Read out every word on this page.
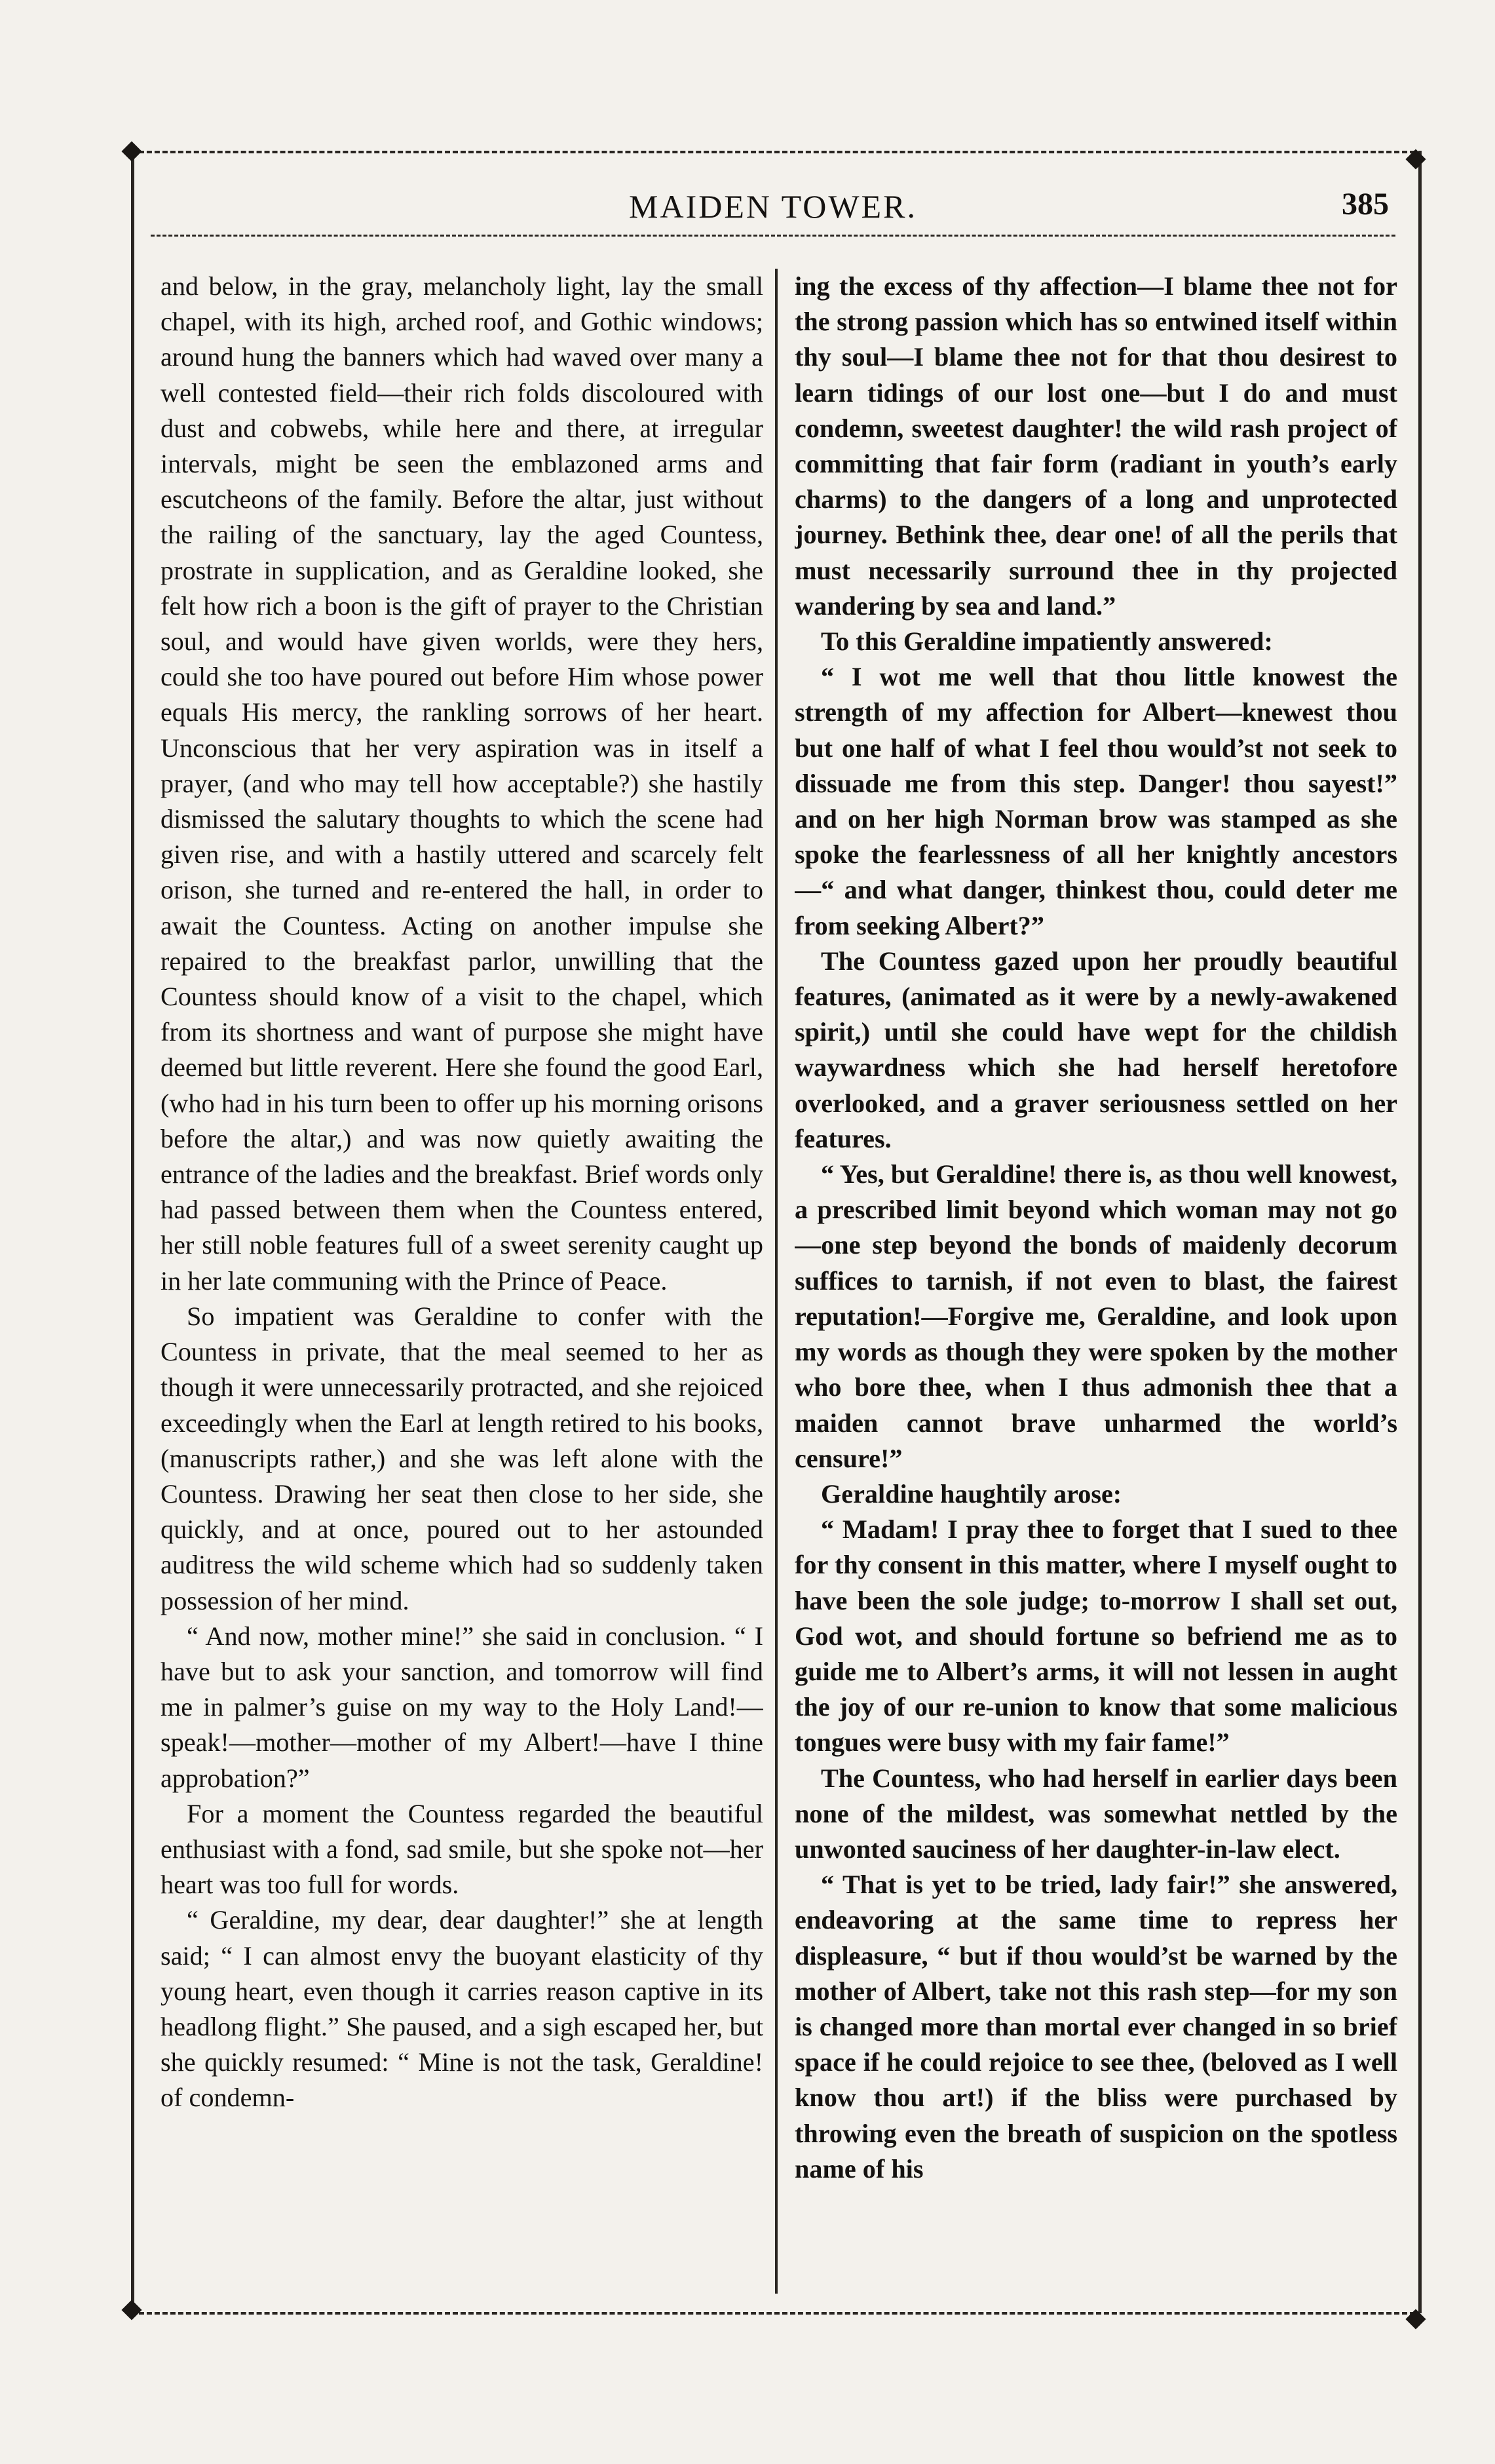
MAIDEN TOWER.	385

and below, in the gray, melancholy light, lay the small chapel, with its high, arched roof, and Gothic windows; around hung the banners which had waved over many a well contested field—their rich folds discoloured with dust and cobwebs, while here and there, at irregular intervals, might be seen the emblazoned arms and escutcheons of the family. Before the altar, just without the railing of the sanctuary, lay the aged Countess, prostrate in supplication, and as Geraldine looked, she felt how rich a boon is the gift of prayer to the Christian soul, and would have given worlds, were they hers, could she too have poured out before Him whose power equals His mercy, the rankling sorrows of her heart. Unconscious that her very aspiration was in itself a prayer, (and who may tell how acceptable?) she hastily dismissed the salutary thoughts to which the scene had given rise, and with a hastily uttered and scarcely felt orison, she turned and re-entered the hall, in order to await the Countess. Acting on another impulse she repaired to the breakfast parlor, unwilling that the Countess should know of a visit to the chapel, which from its shortness and want of purpose she might have deemed but little reverent. Here she found the good Earl, (who had in his turn been to offer up his morning orisons before the altar,) and was now quietly awaiting the entrance of the ladies and the breakfast. Brief words only had passed between them when the Countess entered, her still noble features full of a sweet serenity caught up in her late communing with the Prince of Peace.

So impatient was Geraldine to confer with the Countess in private, that the meal seemed to her as though it were unnecessarily protracted, and she rejoiced exceedingly when the Earl at length retired to his books, (manuscripts rather,) and she was left alone with the Countess. Drawing her seat then close to her side, she quickly, and at once, poured out to her astounded auditress the wild scheme which had so suddenly taken possession of her mind.

“ And now, mother mine!” she said in conclusion. “ I have but to ask your sanction, and tomorrow will find me in palmer’s guise on my way to the Holy Land!—speak!—mother—mother of my Albert!—have I thine approbation?”

For a moment the Countess regarded the beautiful enthusiast with a fond, sad smile, but she spoke not—her heart was too full for words.

“ Geraldine, my dear, dear daughter!” she at length said; “ I can almost envy the buoyant elasticity of thy young heart, even though it carries reason captive in its headlong flight.” She paused, and a sigh escaped her, but she quickly resumed: “ Mine is not the task, Geraldine! of condemn-

ing the excess of thy affection—I blame thee not for the strong passion which has so entwined itself within thy soul—I blame thee not for that thou desirest to learn tidings of our lost one—but I do and must condemn, sweetest daughter! the wild rash project of committing that fair form (radiant in youth’s early charms) to the dangers of a long and unprotected journey. Bethink thee, dear one! of all the perils that must necessarily surround thee in thy projected wandering by sea and land.”

To this Geraldine impatiently answered:

“ I wot me well that thou little knowest the strength of my affection for Albert—knewest thou but one half of what I feel thou would’st not seek to dissuade me from this step. Danger! thou sayest!” and on her high Norman brow was stamped as she spoke the fearlessness of all her knightly ancestors—“ and what danger, thinkest thou, could deter me from seeking Albert?”

The Countess gazed upon her proudly beautiful features, (animated as it were by a newly-awakened spirit,) until she could have wept for the childish waywardness which she had herself heretofore overlooked, and a graver seriousness settled on her features.

“ Yes, but Geraldine! there is, as thou well knowest, a prescribed limit beyond which woman may not go—one step beyond the bonds of maidenly decorum suffices to tarnish, if not even to blast, the fairest reputation!—Forgive me, Geraldine, and look upon my words as though they were spoken by the mother who bore thee, when I thus admonish thee that a maiden cannot brave unharmed the world’s censure!”

Geraldine haughtily arose:

“ Madam! I pray thee to forget that I sued to thee for thy consent in this matter, where I myself ought to have been the sole judge; to-morrow I shall set out, God wot, and should fortune so befriend me as to guide me to Albert’s arms, it will not lessen in aught the joy of our re-union to know that some malicious tongues were busy with my fair fame!”

The Countess, who had herself in earlier days been none of the mildest, was somewhat nettled by the unwonted sauciness of her daughter-in-law elect.

“ That is yet to be tried, lady fair!” she answered, endeavoring at the same time to repress her displeasure, “ but if thou would’st be warned by the mother of Albert, take not this rash step—for my son is changed more than mortal ever changed in so brief space if he could rejoice to see thee, (beloved as I well know thou art!) if the bliss were purchased by throwing even the breath of suspicion on the spotless name of his
